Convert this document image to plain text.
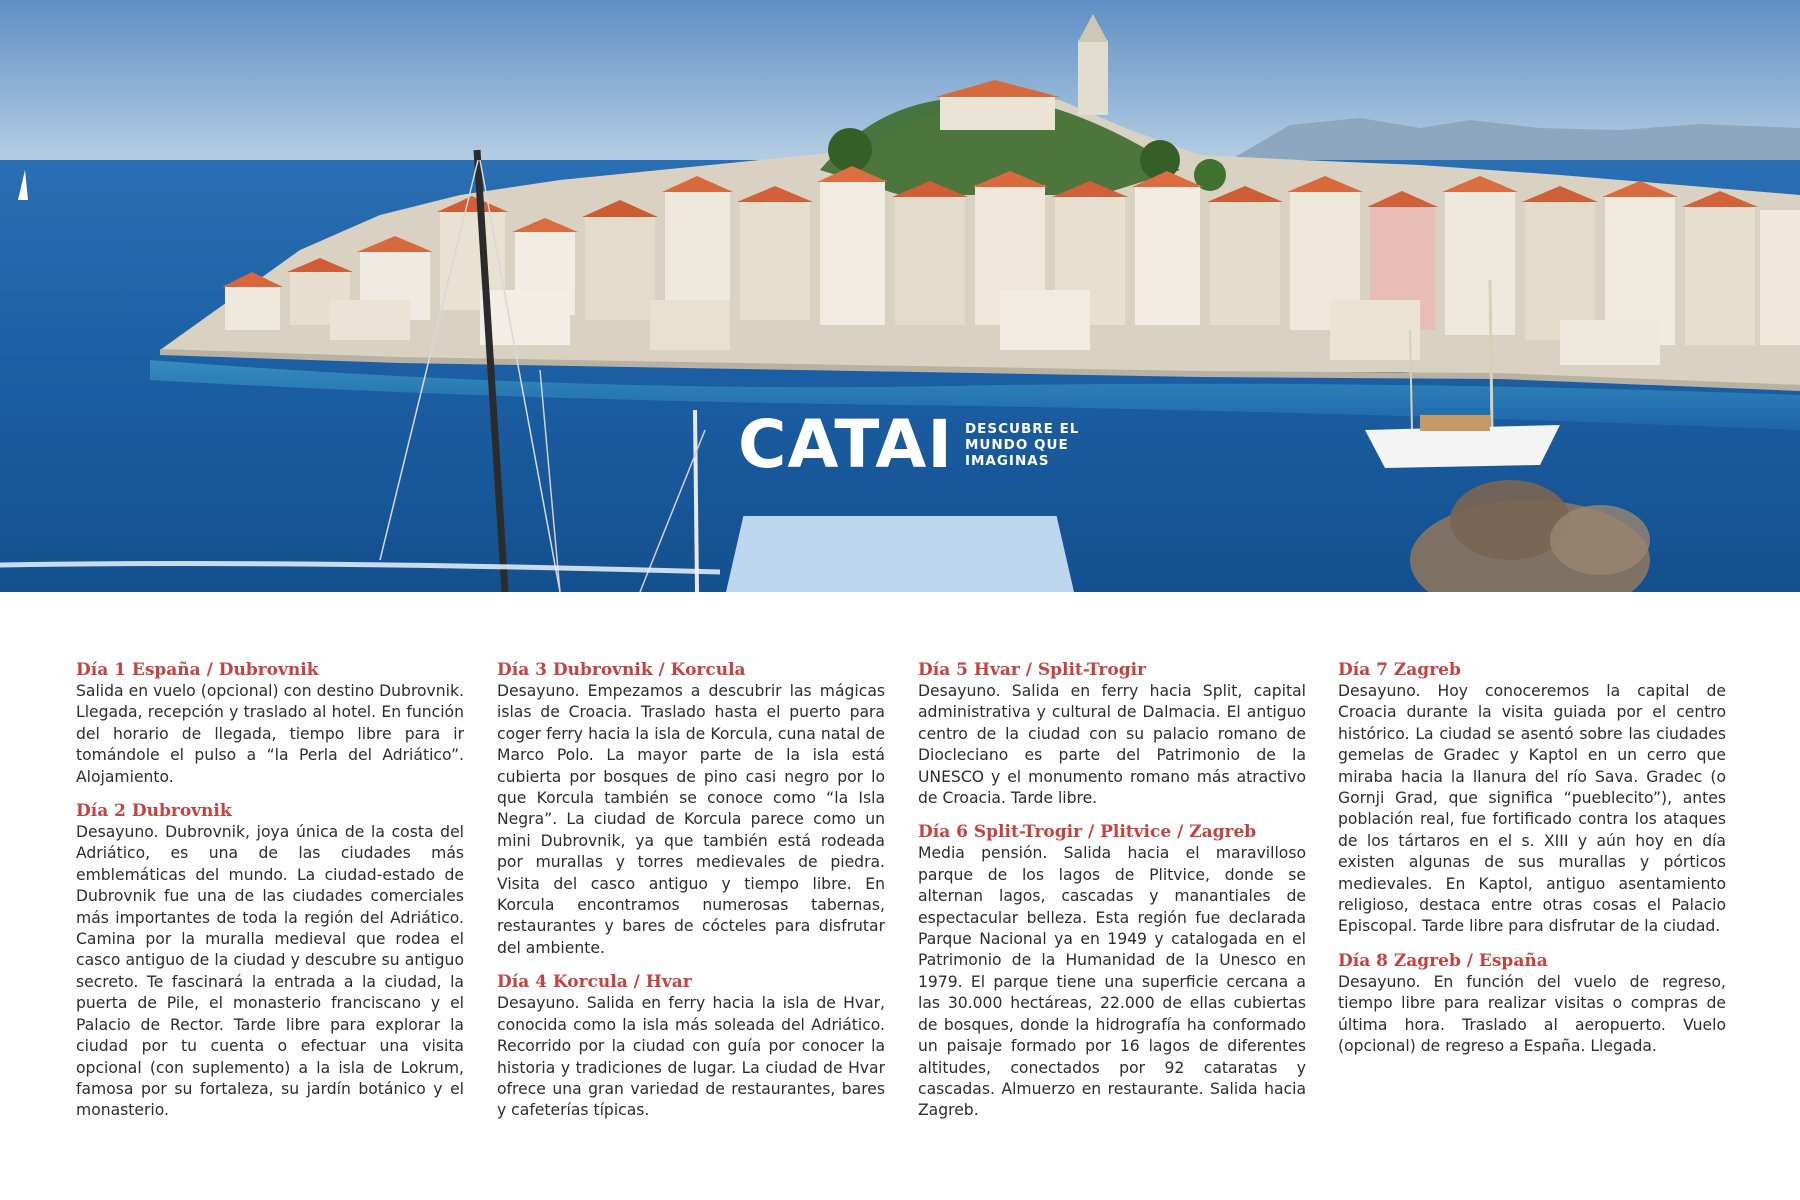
CATAI DESCUBRE EL
MUNDO QUE
IMAGINAS
Día 1 España / Dubrovnik

Salida en vuelo (opcional) con destino Dubrovnik. Llegada, recepción y traslado al hotel. En función del horario de llegada, tiempo libre para ir tomándole el pulso a “la Perla del Adriático”. Alojamiento.

Día 2 Dubrovnik

Desayuno. Dubrovnik, joya única de la costa del Adriático, es una de las ciudades más emblemáticas del mundo. La ciudad-estado de Dubrovnik fue una de las ciudades comerciales más importantes de toda la región del Adriático. Camina por la muralla medieval que rodea el casco antiguo de la ciudad y descubre su antiguo secreto. Te fascinará la entrada a la ciudad, la puerta de Pile, el monasterio franciscano y el Palacio de Rector. Tarde libre para explorar la ciudad por tu cuenta o efectuar una visita opcional (con suplemento) a la isla de Lokrum, famosa por su fortaleza, su jardín botánico y el monasterio.

Día 3 Dubrovnik / Korcula

Desayuno. Empezamos a descubrir las mágicas islas de Croacia. Traslado hasta el puerto para coger ferry hacia la isla de Korcula, cuna natal de Marco Polo. La mayor parte de la isla está cubierta por bosques de pino casi negro por lo que Korcula también se conoce como “la Isla Negra”. La ciudad de Korcula parece como un mini Dubrovnik, ya que también está rodeada por murallas y torres medievales de piedra. Visita del casco antiguo y tiempo libre. En Korcula encontramos numerosas tabernas, restaurantes y bares de cócteles para disfrutar del ambiente.

Día 4 Korcula / Hvar

Desayuno. Salida en ferry hacia la isla de Hvar, conocida como la isla más soleada del Adriático. Recorrido por la ciudad con guía por conocer la historia y tradiciones de lugar. La ciudad de Hvar ofrece una gran variedad de restaurantes, bares y cafeterías típicas.

Día 5 Hvar / Split-Trogir

Desayuno. Salida en ferry hacia Split, capital administrativa y cultural de Dalmacia. El antiguo centro de la ciudad con su palacio romano de Diocleciano es parte del Patrimonio de la UNESCO y el monumento romano más atractivo de Croacia. Tarde libre.

Día 6 Split-Trogir / Plitvice / Zagreb

Media pensión. Salida hacia el maravilloso parque de los lagos de Plitvice, donde se alternan lagos, cascadas y manantiales de espectacular belleza. Esta región fue declarada Parque Nacional ya en 1949 y catalogada en el Patrimonio de la Humanidad de la Unesco en 1979. El parque tiene una superficie cercana a las 30.000 hectáreas, 22.000 de ellas cubiertas de bosques, donde la hidrografía ha conformado un paisaje formado por 16 lagos de diferentes altitudes, conectados por 92 cataratas y cascadas. Almuerzo en restaurante. Salida hacia Zagreb.

Día 7 Zagreb

Desayuno. Hoy conoceremos la capital de Croacia durante la visita guiada por el centro histórico. La ciudad se asentó sobre las ciudades gemelas de Gradec y Kaptol en un cerro que miraba hacia la llanura del río Sava. Gradec (o Gornji Grad, que significa “pueblecito”), antes población real, fue fortificado contra los ataques de los tártaros en el s. XIII y aún hoy en día existen algunas de sus murallas y pórticos medievales. En Kaptol, antiguo asentamiento religioso, destaca entre otras cosas el Palacio Episcopal. Tarde libre para disfrutar de la ciudad.

Día 8 Zagreb / España

Desayuno. En función del vuelo de regreso, tiempo libre para realizar visitas o compras de última hora. Traslado al aeropuerto. Vuelo (opcional) de regreso a España. Llegada.
